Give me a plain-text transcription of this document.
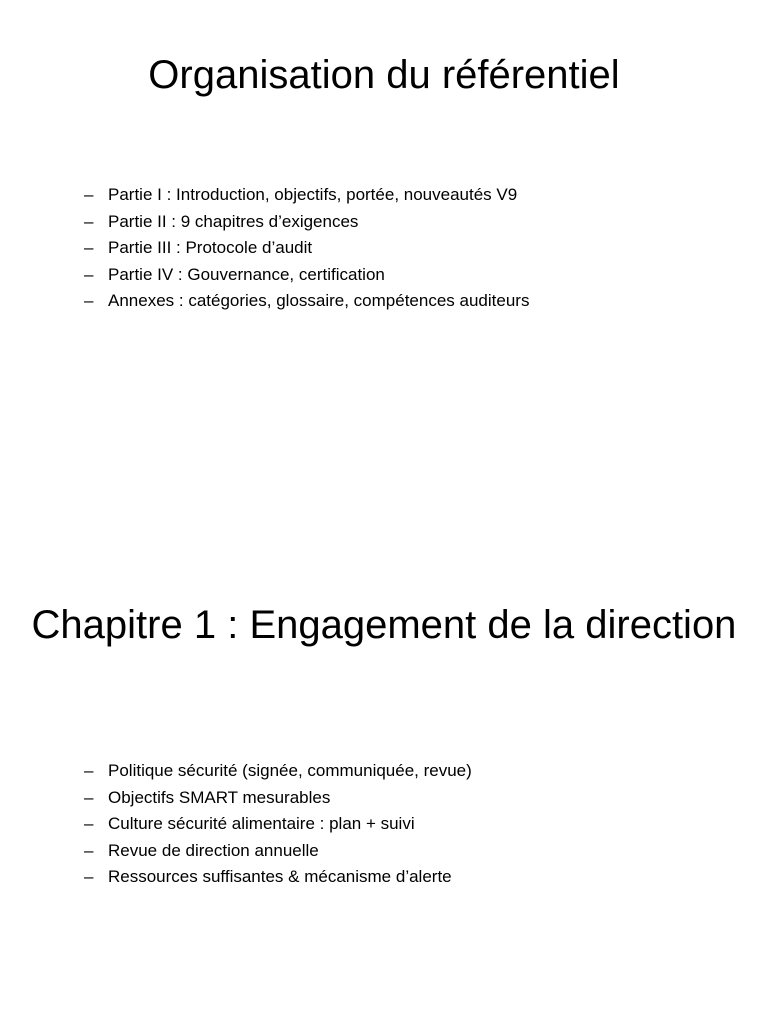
Organisation du référentiel
– Partie I : Introduction, objectifs, portée, nouveautés V9
– Partie II : 9 chapitres d’exigences
– Partie III : Protocole d’audit
– Partie IV : Gouvernance, certification
– Annexes : catégories, glossaire, compétences auditeurs
Chapitre 1 : Engagement de la direction
– Politique sécurité (signée, communiquée, revue)
– Objectifs SMART mesurables
– Culture sécurité alimentaire : plan + suivi
– Revue de direction annuelle
– Ressources suffisantes & mécanisme d’alerte
